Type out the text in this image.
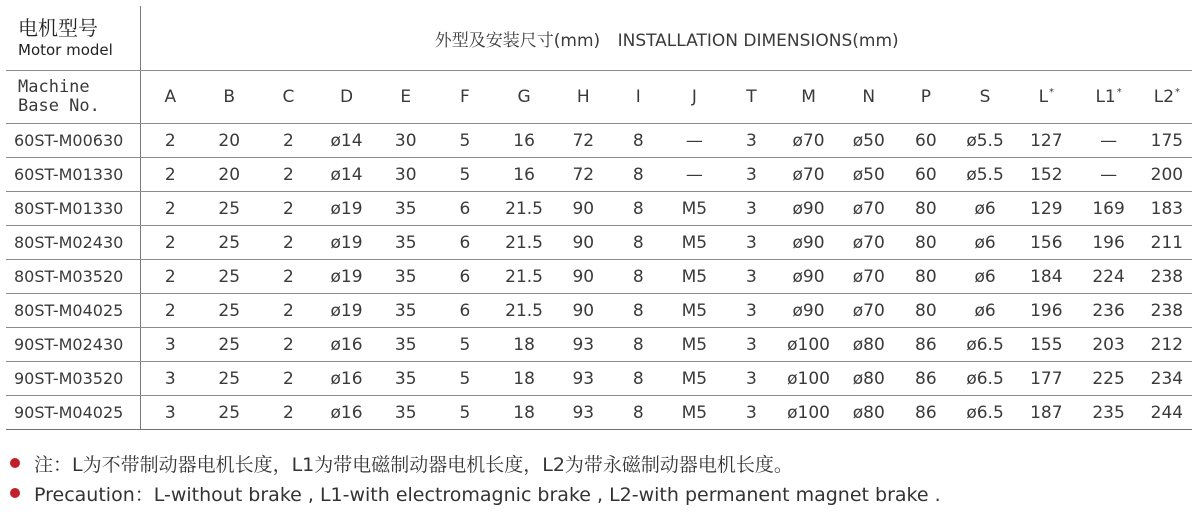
电机型号
Motor model	外型及安装尺寸(mm) INSTALLATION DIMENSIONS(mm)																	

Machine
Base No.	A	B	C	D	E	F	G	H	I	J	T	M	N	P	S	L*	L1*	L2*
60ST-M00630	2	20	2	ø14	30	5	16	72	8	—	3	ø70	ø50	60	ø5.5	127	—	175
60ST-M01330	2	20	2	ø14	30	5	16	72	8	—	3	ø70	ø50	60	ø5.5	152	—	200
80ST-M01330	2	25	2	ø19	35	6	21.5	90	8	M5	3	ø90	ø70	80	ø6	129	169	183
80ST-M02430	2	25	2	ø19	35	6	21.5	90	8	M5	3	ø90	ø70	80	ø6	156	196	211
80ST-M03520	2	25	2	ø19	35	6	21.5	90	8	M5	3	ø90	ø70	80	ø6	184	224	238
80ST-M04025	2	25	2	ø19	35	6	21.5	90	8	M5	3	ø90	ø70	80	ø6	196	236	238
90ST-M02430	3	25	2	ø16	35	5	18	93	8	M5	3	ø100	ø80	86	ø6.5	155	203	212
90ST-M03520	3	25	2	ø16	35	5	18	93	8	M5	3	ø100	ø80	86	ø6.5	177	225	234
90ST-M04025	3	25	2	ø16	35	5	18	93	8	M5	3	ø100	ø80	86	ø6.5	187	235	244
注：L为不带制动器电机长度，L1为带电磁制动器电机长度，L2为带永磁制动器电机长度。
Precaution：L-without brake , L1-with electromagnic brake , L2-with permanent magnet brake .
